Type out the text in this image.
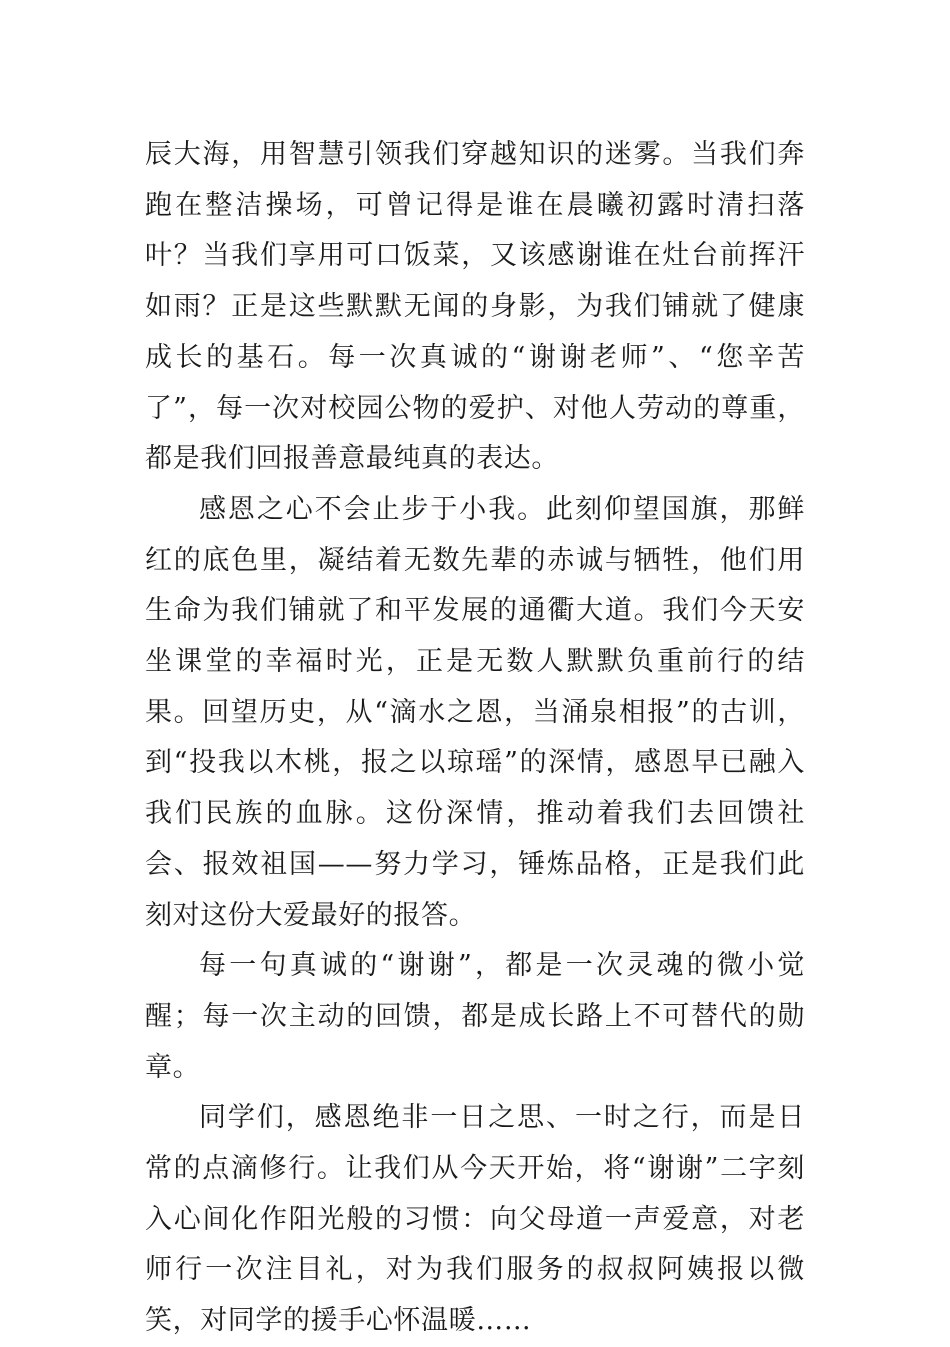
辰大海，用智慧引领我们穿越知识的迷雾。当我们奔跑在整洁操场，可曾记得是谁在晨曦初露时清扫落叶？当我们享用可口饭菜，又该感谢谁在灶台前挥汗如雨？正是这些默默无闻的身影，为我们铺就了健康成长的基石。每一次真诚的“谢谢老师”、“您辛苦了”，每一次对校园公物的爱护、对他人劳动的尊重，都是我们回报善意最纯真的表达。

感恩之心不会止步于小我。此刻仰望国旗，那鲜红的底色里，凝结着无数先辈的赤诚与牺牲，他们用生命为我们铺就了和平发展的通衢大道。我们今天安坐课堂的幸福时光，正是无数人默默负重前行的结果。回望历史，从“滴水之恩，当涌泉相报”的古训，到“投我以木桃，报之以琼瑶”的深情，感恩早已融入我们民族的血脉。这份深情，推动着我们去回馈社会、报效祖国——努力学习，锤炼品格，正是我们此刻对这份大爱最好的报答。

每一句真诚的“谢谢”，都是一次灵魂的微小觉醒；每一次主动的回馈，都是成长路上不可替代的勋章。

同学们，感恩绝非一日之思、一时之行，而是日常的点滴修行。让我们从今天开始，将“谢谢”二字刻入心间化作阳光般的习惯：向父母道一声爱意，对老师行一次注目礼，对为我们服务的叔叔阿姨报以微笑，对同学的援手心怀温暖……
